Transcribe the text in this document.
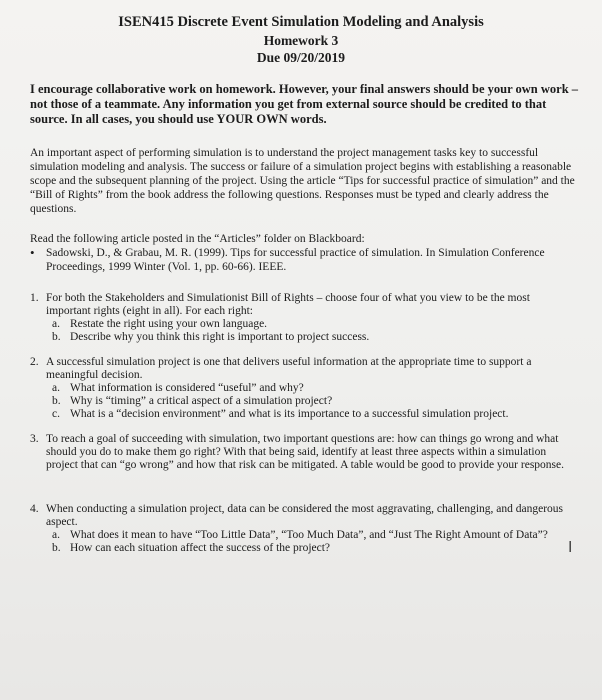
ISEN415 Discrete Event Simulation Modeling and Analysis
Homework 3
Due 09/20/2019
I encourage collaborative work on homework. However, your final answers should be your own work – not those of a teammate. Any information you get from external source should be credited to that source. In all cases, you should use YOUR OWN words.
An important aspect of performing simulation is to understand the project management tasks key to successful simulation modeling and analysis. The success or failure of a simulation project begins with establishing a reasonable scope and the subsequent planning of the project. Using the article “Tips for successful practice of simulation” and the “Bill of Rights” from the book address the following questions. Responses must be typed and clearly address the questions.
Read the following article posted in the “Articles” folder on Blackboard:
• Sadowski, D., & Grabau, M. R. (1999). Tips for successful practice of simulation. In Simulation Conference Proceedings, 1999 Winter (Vol. 1, pp. 60-66). IEEE.
1. For both the Stakeholders and Simulationist Bill of Rights – choose four of what you view to be the most important rights (eight in all). For each right:
a. Restate the right using your own language.
b. Describe why you think this right is important to project success.
2. A successful simulation project is one that delivers useful information at the appropriate time to support a meaningful decision.
a. What information is considered “useful” and why?
b. Why is “timing” a critical aspect of a simulation project?
c. What is a “decision environment” and what is its importance to a successful simulation project.
3. To reach a goal of succeeding with simulation, two important questions are: how can things go wrong and what should you do to make them go right? With that being said, identify at least three aspects within a simulation project that can “go wrong” and how that risk can be mitigated. A table would be good to provide your response.
4. When conducting a simulation project, data can be considered the most aggravating, challenging, and dangerous aspect.
a. What does it mean to have “Too Little Data”, “Too Much Data”, and “Just The Right Amount of Data”?
b. How can each situation affect the success of the project?	I
